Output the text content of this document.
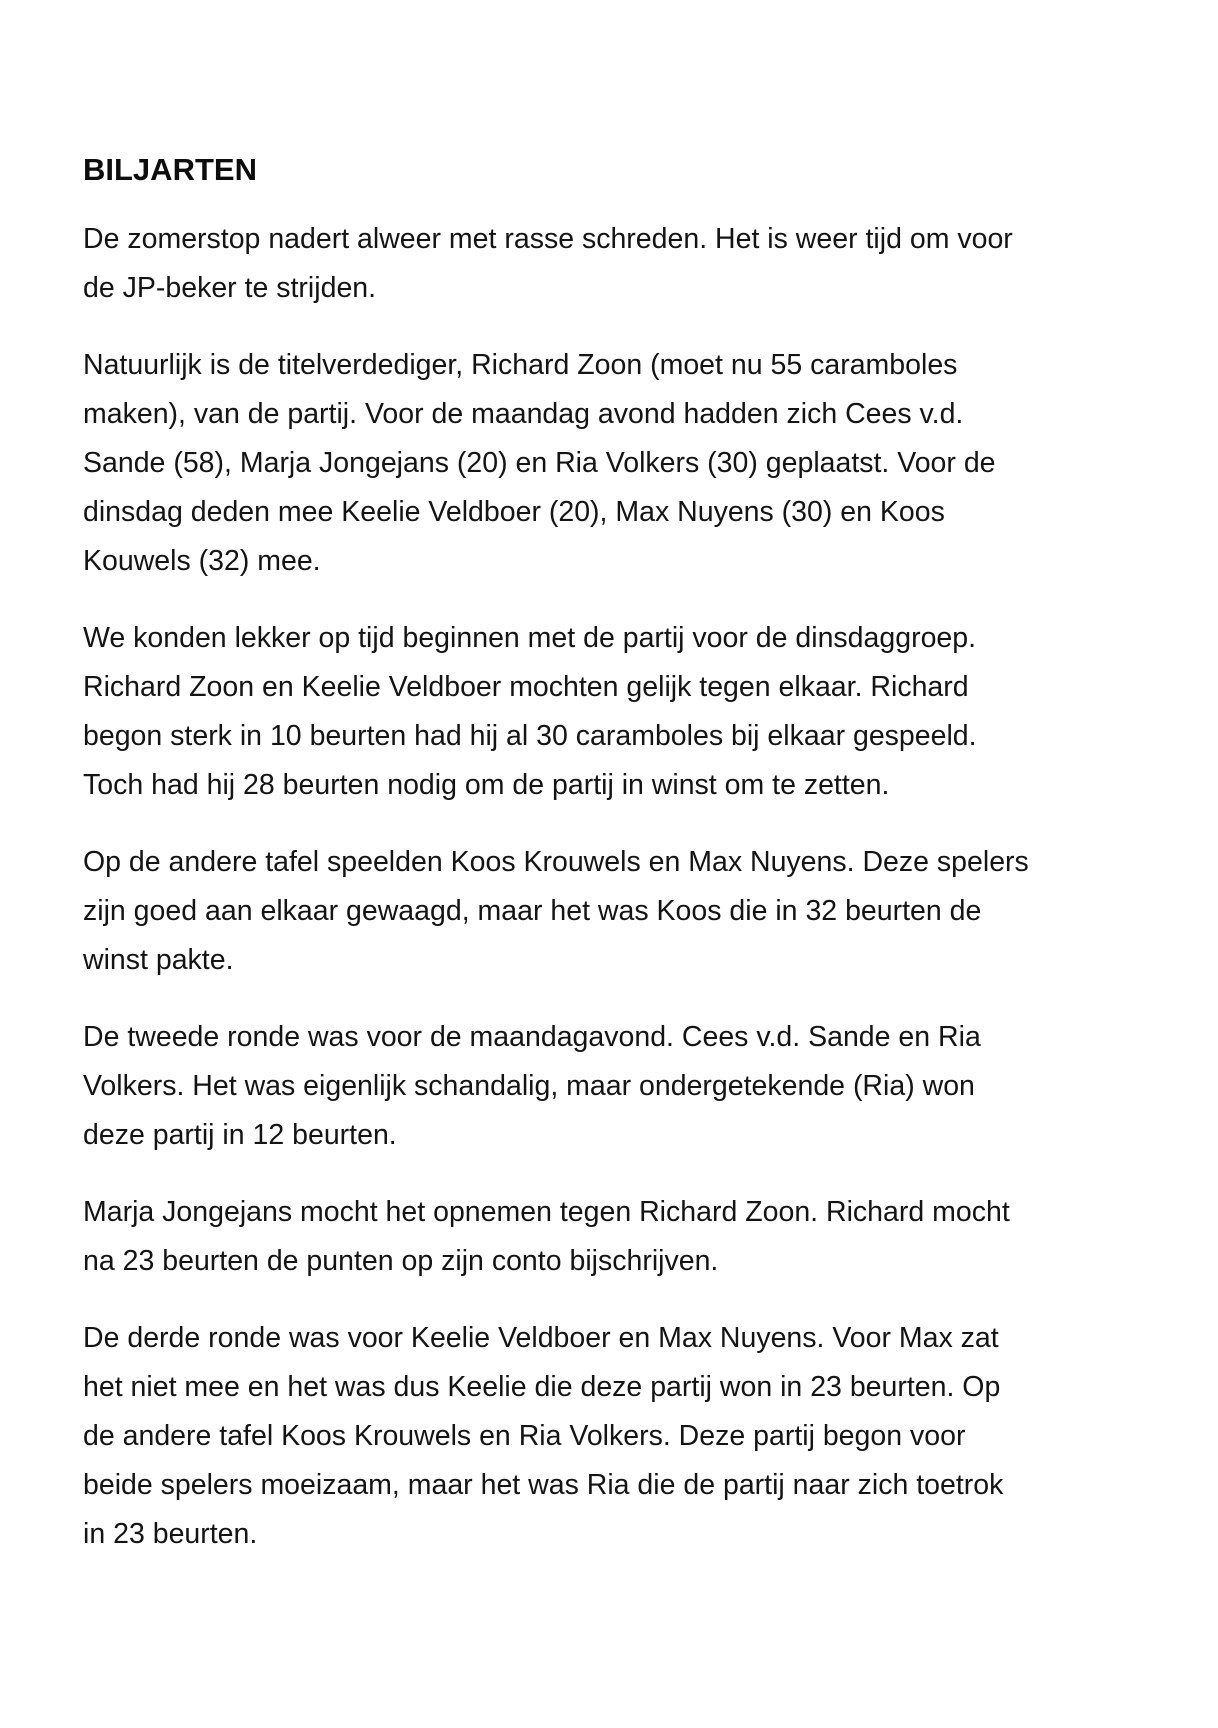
BILJARTEN
De zomerstop nadert alweer met rasse schreden. Het is weer tijd om voor
de JP-beker te strijden.
Natuurlijk is de titelverdediger, Richard Zoon (moet nu 55 caramboles
maken), van de partij. Voor de maandag avond hadden zich Cees v.d.
Sande (58), Marja Jongejans (20) en Ria Volkers (30) geplaatst. Voor de
dinsdag deden mee Keelie Veldboer (20), Max Nuyens (30) en Koos
Kouwels (32) mee.
We konden lekker op tijd beginnen met de partij voor de dinsdaggroep.
Richard Zoon en Keelie Veldboer mochten gelijk tegen elkaar. Richard
begon sterk in 10 beurten had hij al 30 caramboles bij elkaar gespeeld.
Toch had hij 28 beurten nodig om de partij in winst om te zetten.
Op de andere tafel speelden Koos Krouwels en Max Nuyens. Deze spelers
zijn goed aan elkaar gewaagd, maar het was Koos die in 32 beurten de
winst pakte.
De tweede ronde was voor de maandagavond. Cees v.d. Sande en Ria
Volkers. Het was eigenlijk schandalig, maar ondergetekende (Ria) won
deze partij in 12 beurten.
Marja Jongejans mocht het opnemen tegen Richard Zoon. Richard mocht
na 23 beurten de punten op zijn conto bijschrijven.
De derde ronde was voor Keelie Veldboer en Max Nuyens. Voor Max zat
het niet mee en het was dus Keelie die deze partij won in 23 beurten. Op
de andere tafel Koos Krouwels en Ria Volkers. Deze partij begon voor
beide spelers moeizaam, maar het was Ria die de partij naar zich toetrok
in 23 beurten.
